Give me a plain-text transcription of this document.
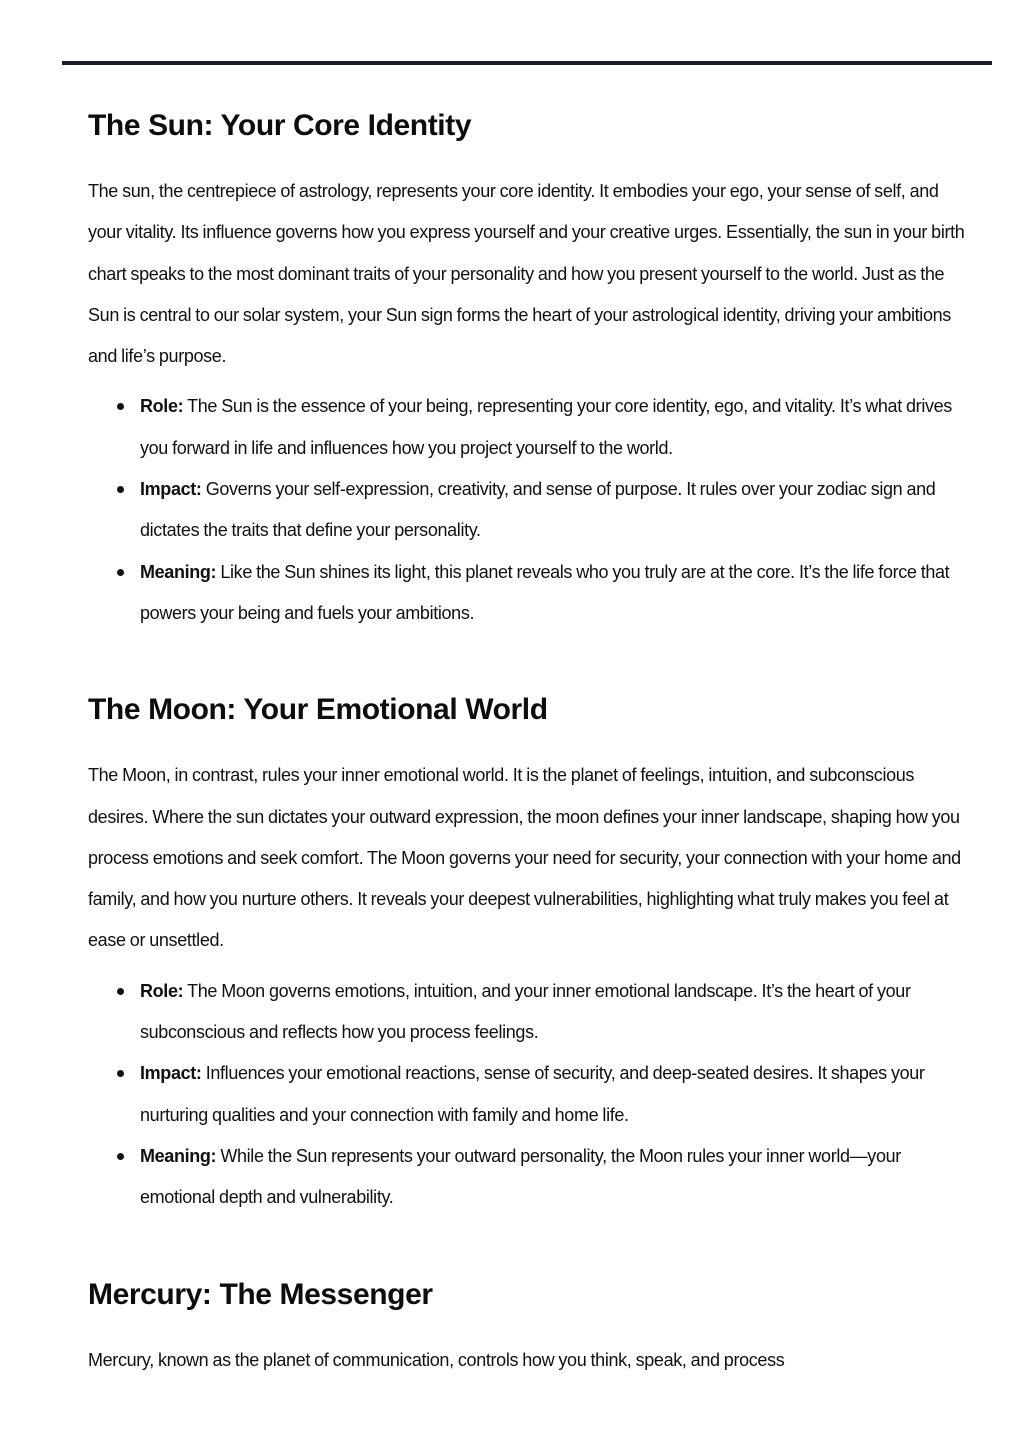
The Sun: Your Core Identity

The sun, the centrepiece of astrology, represents your core identity. It embodies your ego, your sense of self, and your vitality. Its influence governs how you express yourself and your creative urges. Essentially, the sun in your birth chart speaks to the most dominant traits of your personality and how you present yourself to the world. Just as the Sun is central to our solar system, your Sun sign forms the heart of your astrological identity, driving your ambitions and life’s purpose.

Role: The Sun is the essence of your being, representing your core identity, ego, and vitality. It’s what drives you forward in life and influences how you project yourself to the world.
Impact: Governs your self-expression, creativity, and sense of purpose. It rules over your zodiac sign and dictates the traits that define your personality.
Meaning: Like the Sun shines its light, this planet reveals who you truly are at the core. It’s the life force that powers your being and fuels your ambitions.
The Moon: Your Emotional World

The Moon, in contrast, rules your inner emotional world. It is the planet of feelings, intuition, and subconscious desires. Where the sun dictates your outward expression, the moon defines your inner landscape, shaping how you process emotions and seek comfort. The Moon governs your need for security, your connection with your home and family, and how you nurture others. It reveals your deepest vulnerabilities, highlighting what truly makes you feel at ease or unsettled.

Role: The Moon governs emotions, intuition, and your inner emotional landscape. It’s the heart of your subconscious and reflects how you process feelings.
Impact: Influences your emotional reactions, sense of security, and deep-seated desires. It shapes your nurturing qualities and your connection with family and home life.
Meaning: While the Sun represents your outward personality, the Moon rules your inner world—your emotional depth and vulnerability.
Mercury: The Messenger

Mercury, known as the planet of communication, controls how you think, speak, and process
